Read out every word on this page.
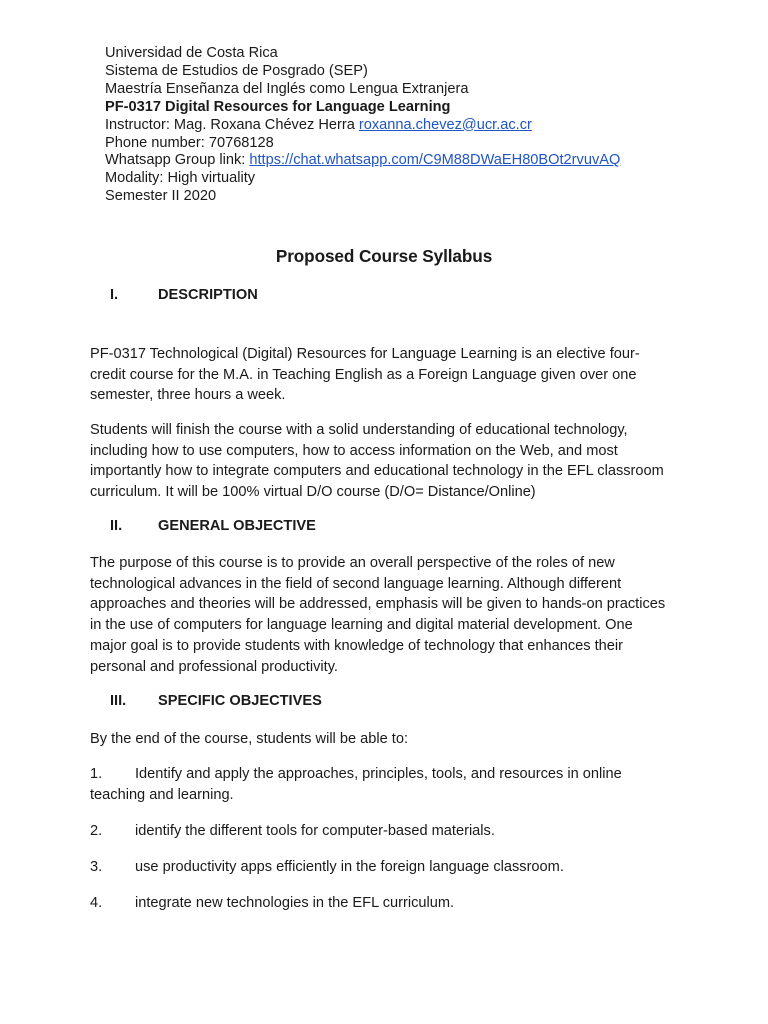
Universidad de Costa Rica
Sistema de Estudios de Posgrado (SEP)
Maestría Enseñanza del Inglés como Lengua Extranjera
PF-0317 Digital Resources for Language Learning
Instructor: Mag. Roxana Chévez Herra roxanna.chevez@ucr.ac.cr
Phone number: 70768128
Whatsapp Group link: https://chat.whatsapp.com/C9M88DWaEH80BOt2rvuvAQ
Modality: High virtuality
Semester II 2020
Proposed Course Syllabus
I.	DESCRIPTION
PF-0317 Technological (Digital) Resources for Language Learning is an elective four-credit course for the M.A. in Teaching English as a Foreign Language given over one semester, three hours a week.
Students will finish the course with a solid understanding of educational technology, including how to use computers, how to access information on the Web, and most importantly how to integrate computers and educational technology in the EFL classroom curriculum. It will be 100% virtual D/O course (D/O= Distance/Online)
II. GENERAL OBJECTIVE
The purpose of this course is to provide an overall perspective of the roles of new technological advances in the field of second language learning. Although different approaches and theories will be addressed, emphasis will be given to hands-on practices in the use of computers for language learning and digital material development. One major goal is to provide students with knowledge of technology that enhances their personal and professional productivity.
III. SPECIFIC OBJECTIVES
By the end of the course, students will be able to:
1. Identify and apply the approaches, principles, tools, and resources in online teaching and learning.
2. identify the different tools for computer-based materials.
3. use productivity apps efficiently in the foreign language classroom.
4. integrate new technologies in the EFL curriculum.
